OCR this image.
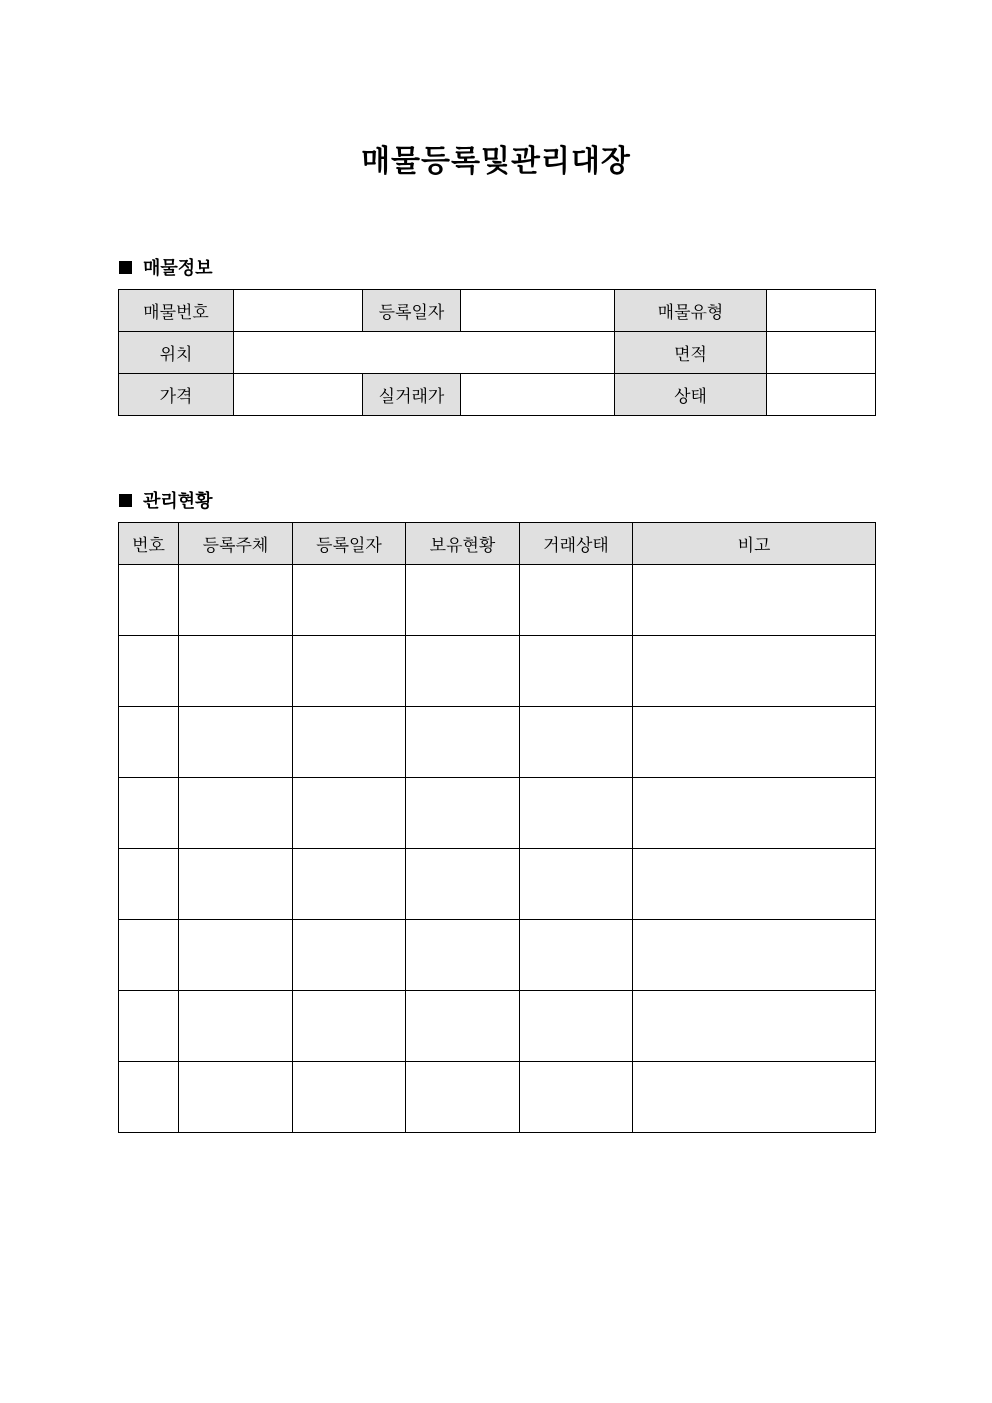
매물등록및관리대장
매물정보
매물번호		등록일자		매물유형	
위치				면적	
가격		실거래가		상태	
관리현황
번호	등록주체	등록일자	보유현황	거래상태	비고
